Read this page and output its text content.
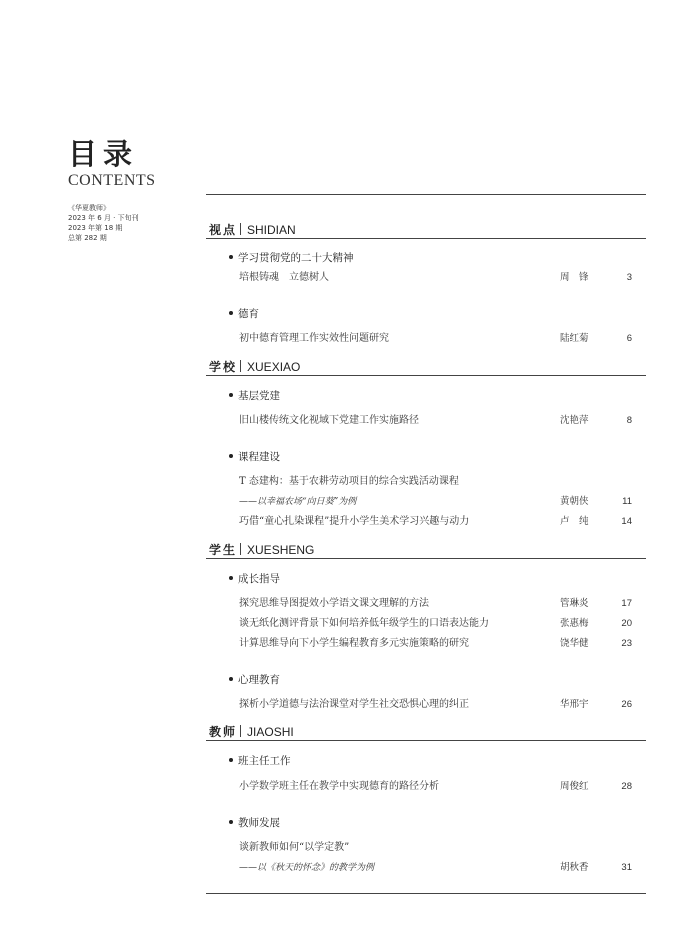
目录
CONTENTS
《华夏教师》
2023 年 6 月 · 下旬刊
2023 年第 18 期
总第 282 期
视点 SHIDIAN
学习贯彻党的二十大精神
培根铸魂　立德树人	周　锋	3
德育
初中德育管理工作实效性问题研究	陆红菊	6
学校 XUEXIAO
基层党建
旧山楼传统文化视域下党建工作实施路径	沈艳萍	8
课程建设
T 态建构：基于农耕劳动项目的综合实践活动课程
——以幸福农场“向日葵”为例	黄朝侠	11
巧借“童心扎染课程”提升小学生美术学习兴趣与动力	卢　纯	14
学生 XUESHENG
成长指导
探究思维导图提效小学语文课文理解的方法	管琳炎	17
谈无纸化测评背景下如何培养低年级学生的口语表达能力	张惠梅	20
计算思维导向下小学生编程教育多元实施策略的研究	饶华健	23
心理教育
探析小学道德与法治课堂对学生社交恐惧心理的纠正	华邢宇	26
教师 JIAOSHI
班主任工作
小学数学班主任在教学中实现德育的路径分析	周俊红	28
教师发展
谈新教师如何“以学定教”
——以《秋天的怀念》的教学为例	胡秋香	31
